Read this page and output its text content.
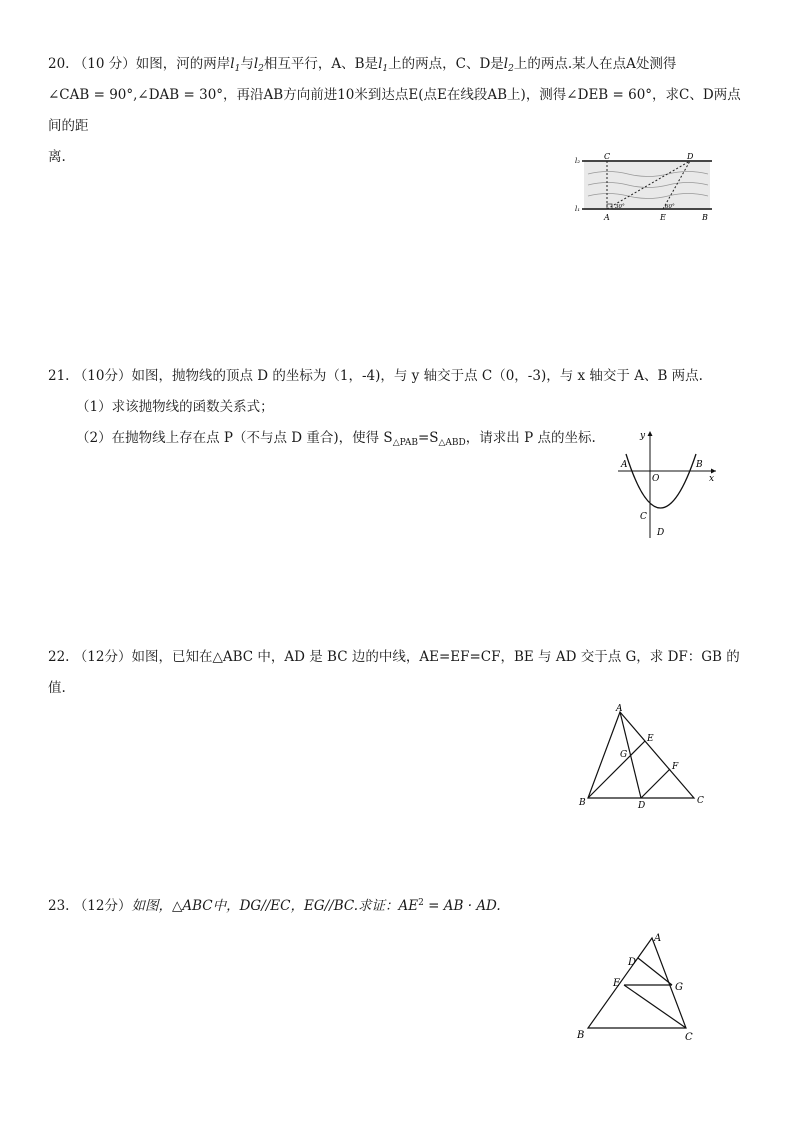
20. （10 分）如图，河的两岸$l_1$与$l_2$相互平行，A、B是$l_1$上的两点，C、D是$l_2$上的两点.某人在点A处测得

∠CAB = 90°,∠DAB = 30°，再沿AB方向前进10米到达点E(点E在线段AB上)，测得∠DEB = 60°，求C、D两点间的距

离.	C	D
l₂
l₁	30°	60°
A	E	B

21. （10分）如图，抛物线的顶点 D 的坐标为（1，-4)，与 y 轴交于点 C（0，-3)，与 x 轴交于 A、B 两点.

（1）求该抛物线的函数关系式；

（2）在抛物线上存在点 P（不与点 D 重合)，使得 $S_{\triangle PAB}=S_{\triangle ABD}$，请求出 P 点的坐标.	y
x
A	B
O
C
D

22. （12分）如图，已知在△ABC 中，AD 是 BC 边的中线，AE=EF=CF，BE 与 AD 交于点 G，求 DF：GB 的

值.

A
E
G
F
B	D	C

23. （12分）如图，△ABC中，DG//EC，EG//BC.求证：$AE^2$ = AB · AD.

A
D
E	G
B	C
